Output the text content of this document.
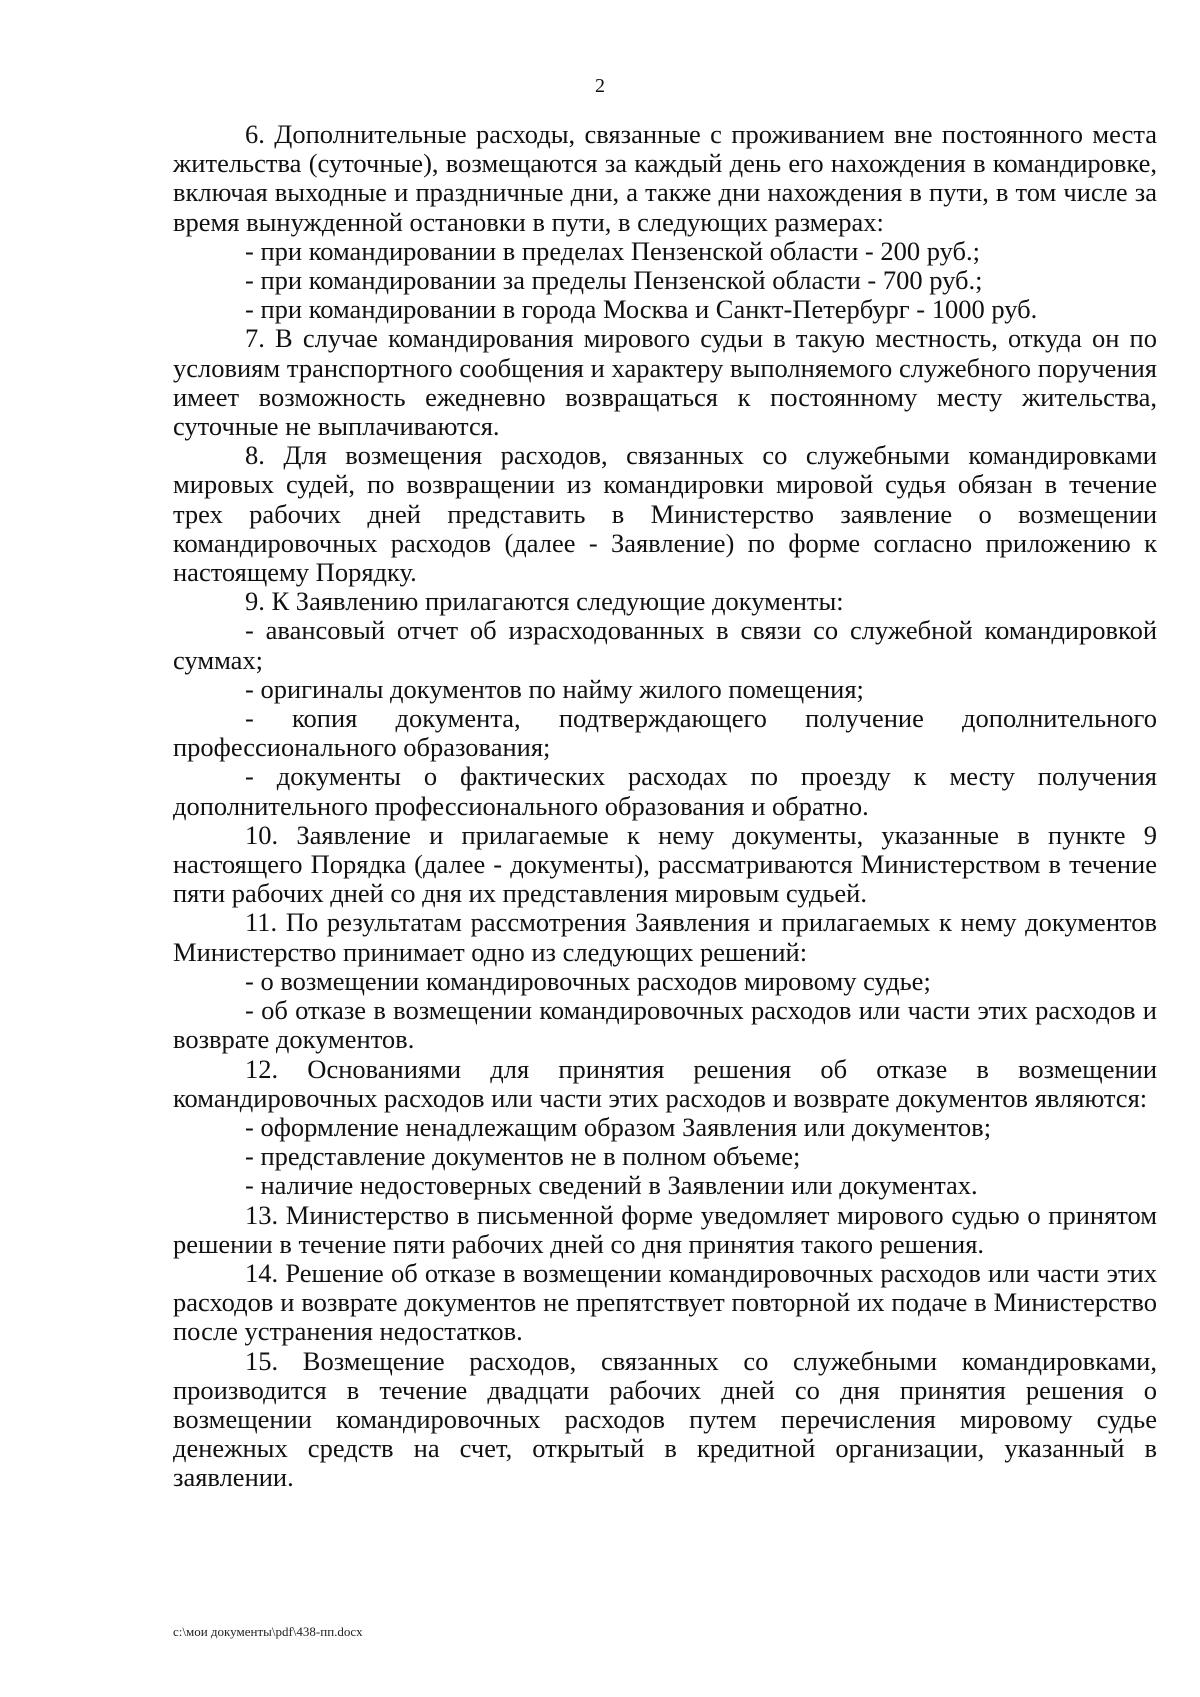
2

6. Дополнительные расходы, связанные с проживанием вне постоянного места жительства (суточные), возмещаются за каждый день его нахождения в командировке, включая выходные и праздничные дни, а также дни нахождения в пути, в том числе за время вынужденной остановки в пути, в следующих размерах:

- при командировании в пределах Пензенской области - 200 руб.;

- при командировании за пределы Пензенской области - 700 руб.;

- при командировании в города Москва и Санкт-Петербург - 1000 руб.

7. В случае командирования мирового судьи в такую местность, откуда он по условиям транспортного сообщения и характеру выполняемого служебного поручения имеет возможность ежедневно возвращаться к постоянному месту жительства, суточные не выплачиваются.

8. Для возмещения расходов, связанных со служебными командировками мировых судей, по возвращении из командировки мировой судья обязан в течение трех рабочих дней представить в Министерство заявление о возмещении командировочных расходов (далее - Заявление) по форме согласно приложению к настоящему Порядку.

9. К Заявлению прилагаются следующие документы:

- авансовый отчет об израсходованных в связи со служебной командировкой суммах;

- оригиналы документов по найму жилого помещения;

- копия документа, подтверждающего получение дополнительного профессионального образования;

- документы о фактических расходах по проезду к месту получения дополнительного профессионального образования и обратно.

10. Заявление и прилагаемые к нему документы, указанные в пункте 9 настоящего Порядка (далее - документы), рассматриваются Министерством в течение пяти рабочих дней со дня их представления мировым судьей.

11. По результатам рассмотрения Заявления и прилагаемых к нему документов Министерство принимает одно из следующих решений:

- о возмещении командировочных расходов мировому судье;

- об отказе в возмещении командировочных расходов или части этих расходов и возврате документов.

12. Основаниями для принятия решения об отказе в возмещении командировочных расходов или части этих расходов и возврате документов являются:

- оформление ненадлежащим образом Заявления или документов;

- представление документов не в полном объеме;

- наличие недостоверных сведений в Заявлении или документах.

13. Министерство в письменной форме уведомляет мирового судью о принятом решении в течение пяти рабочих дней со дня принятия такого решения.

14. Решение об отказе в возмещении командировочных расходов или части этих расходов и возврате документов не препятствует повторной их подаче в Министерство после устранения недостатков.

15. Возмещение расходов, связанных со служебными командировками, производится в течение двадцати рабочих дней со дня принятия решения о возмещении командировочных расходов путем перечисления мировому судье денежных средств на счет, открытый в кредитной организации, указанный в заявлении.

c:\мои документы\pdf\438-пп.docx
